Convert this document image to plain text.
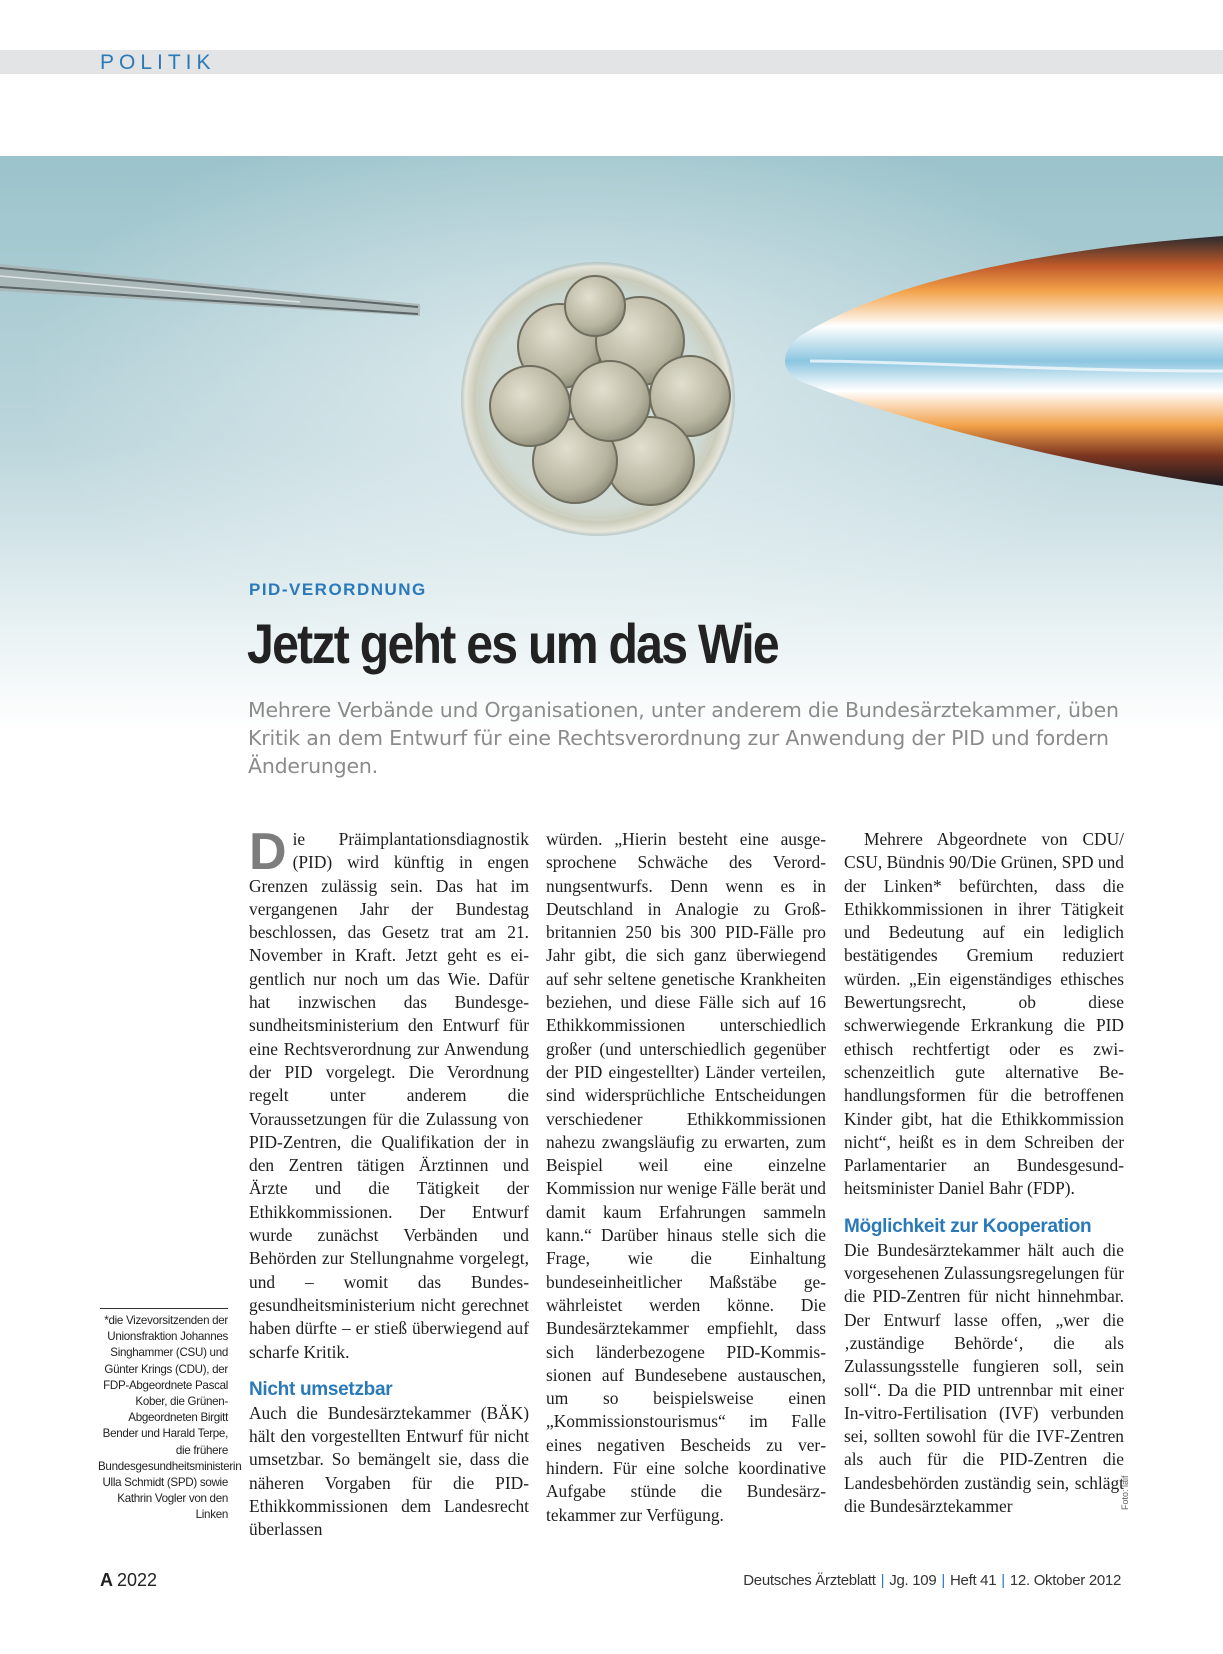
POLITIK
PID-VERORDNUNG
Jetzt geht es um das Wie
Mehrere Verbände und Organisationen, unter anderem die Bundesärztekammer, üben Kritik an dem Entwurf für eine Rechtsverordnung zur Anwendung der PID und fordern Änderungen.

Die Präimplantationsdiagnostik (PID) wird künftig in engen Grenzen zulässig sein. Das hat im vergangenen Jahr der Bundestag beschlossen, das Gesetz trat am 21. November in Kraft. Jetzt geht es eigentlich nur noch um das Wie. Dafür hat inzwischen das Bundesgesundheitsministerium den Entwurf für eine Rechtsverordnung zur Anwendung der PID vorgelegt. Die Verordnung regelt unter anderem die Voraussetzungen für die Zulassung von PID-Zentren, die Qualifikation der in den Zentren tätigen Ärztinnen und Ärzte und die Tätigkeit der Ethikkommissionen. Der Entwurf wurde zunächst Verbänden und Behörden zur Stellungnahme vorgelegt, und – womit das Bundesgesundheitsministerium nicht gerechnet haben dürfte – er stieß überwiegend auf scharfe Kritik.

Nicht umsetzbar

Auch die Bundesärztekammer (BÄK) hält den vorgestellten Entwurf für nicht umsetzbar. So bemängelt sie, dass die näheren Vorgaben für die PID-Ethikkommissionen dem Landesrecht überlassen

würden. „Hierin besteht eine ausgesprochene Schwäche des Verordnungsentwurfs. Denn wenn es in Deutschland in Analogie zu Großbritannien 250 bis 300 PID-Fälle pro Jahr gibt, die sich ganz überwiegend auf sehr seltene genetische Krankheiten beziehen, und diese Fälle sich auf 16 Ethikkommissionen unterschiedlich großer (und unterschiedlich gegenüber der PID eingestellter) Länder verteilen, sind widersprüchliche Entscheidungen verschiedener Ethikkommissionen nahezu zwangsläufig zu erwarten, zum Beispiel weil eine einzelne Kommission nur wenige Fälle berät und damit kaum Erfahrungen sammeln kann.“ Darüber hinaus stelle sich die Frage, wie die Einhaltung bundeseinheitlicher Maßstäbe gewährleistet werden könne. Die Bundesärztekammer empfiehlt, dass sich länderbezogene PID-Kommissionen auf Bundesebene austauschen, um so beispielsweise einen „Kommissionstourismus“ im Falle eines negativen Bescheids zu verhindern. Für eine solche koordinative Aufgabe stünde die Bundesärztekammer zur Verfügung.

Mehrere Abgeordnete von CDU/ CSU, Bündnis 90/Die Grünen, SPD und der Linken* befürchten, dass die Ethikkommissionen in ihrer Tätigkeit und Bedeutung auf ein lediglich bestätigendes Gremium reduziert würden. „Ein eigenständiges ethisches Bewertungsrecht, ob diese schwerwiegende Erkrankung die PID ethisch rechtfertigt oder es zwischenzeitlich gute alternative Behandlungsformen für die betroffenen Kinder gibt, hat die Ethikkommission nicht“, heißt es in dem Schreiben der Parlamentarier an Bundesgesundheitsminister Daniel Bahr (FDP).

Möglichkeit zur Kooperation

Die Bundesärztekammer hält auch die vorgesehenen Zulassungsregelungen für die PID-Zentren für nicht hinnehmbar. Der Entwurf lasse offen, „wer die ‚zuständige Behörde‘, die als Zulassungsstelle fungieren soll, sein soll“. Da die PID untrennbar mit einer In-vitro-Fertilisation (IVF) verbunden sei, sollten sowohl für die IVF-Zentren als auch für die PID-Zentren die Landesbehörden zuständig sein, schlägt die Bundesärztekammer

*die Vizevorsitzenden der Unionsfraktion Johannes Singhammer (CSU) und Günter Krings (CDU), der FDP-Abgeordnete Pascal Kober, die Grünen-Abgeordneten Birgitt Bender und Harald Terpe, die frühere Bundesgesundheitsministerin Ulla Schmidt (SPD) sowie Kathrin Vogler von den Linken
Foto: laif
A 2022	Deutsches Ärzteblatt | Jg. 109 | Heft 41 | 12. Oktober 2012
